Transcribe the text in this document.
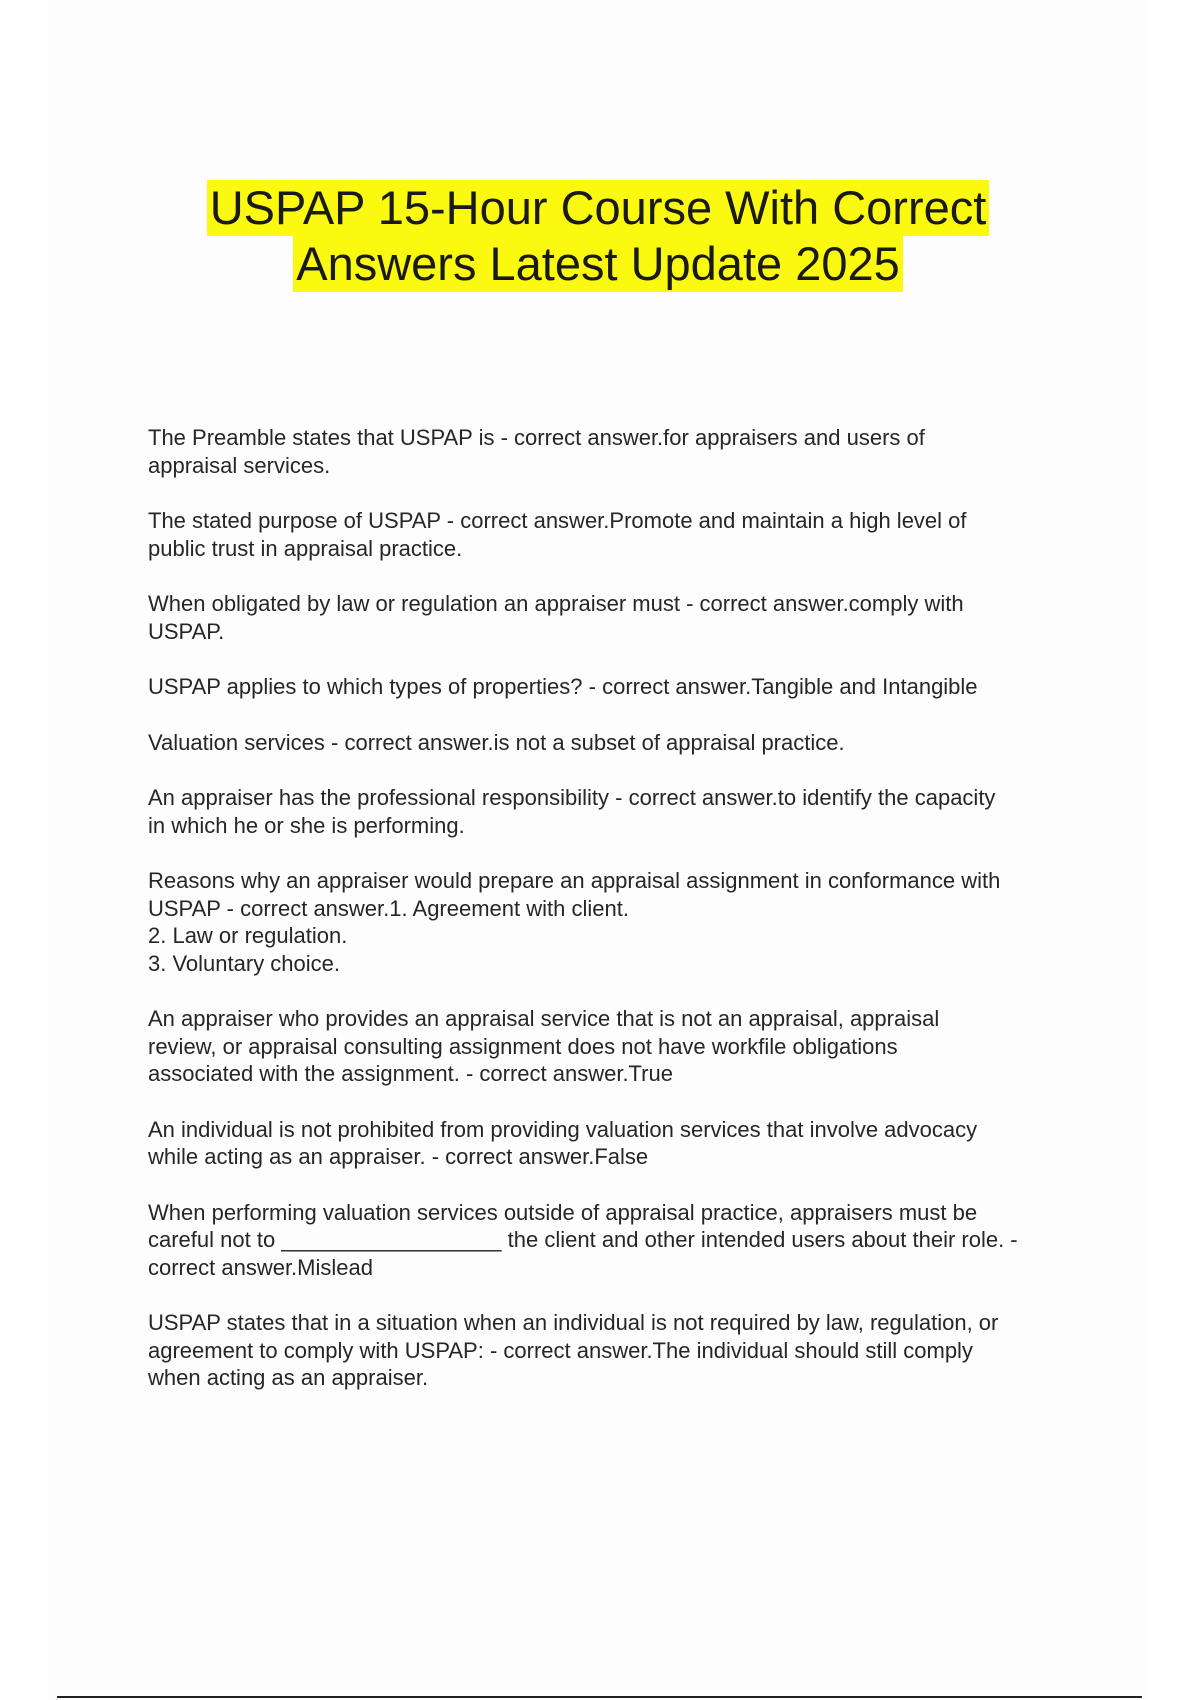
USPAP 15-Hour Course With Correct
Answers Latest Update 2025

The Preamble states that USPAP is - correct answer.for appraisers and users of
appraisal services.

The stated purpose of USPAP - correct answer.Promote and maintain a high level of
public trust in appraisal practice.

When obligated by law or regulation an appraiser must - correct answer.comply with
USPAP.

USPAP applies to which types of properties? - correct answer.Tangible and Intangible

Valuation services - correct answer.is not a subset of appraisal practice.

An appraiser has the professional responsibility - correct answer.to identify the capacity
in which he or she is performing.

Reasons why an appraiser would prepare an appraisal assignment in conformance with
USPAP - correct answer.1. Agreement with client.
2. Law or regulation.
3. Voluntary choice.

An appraiser who provides an appraisal service that is not an appraisal, appraisal
review, or appraisal consulting assignment does not have workfile obligations
associated with the assignment. - correct answer.True

An individual is not prohibited from providing valuation services that involve advocacy
while acting as an appraiser. - correct answer.False

When performing valuation services outside of appraisal practice, appraisers must be
careful not to __________________ the client and other intended users about their role. -
correct answer.Mislead

USPAP states that in a situation when an individual is not required by law, regulation, or
agreement to comply with USPAP: - correct answer.The individual should still comply
when acting as an appraiser.
